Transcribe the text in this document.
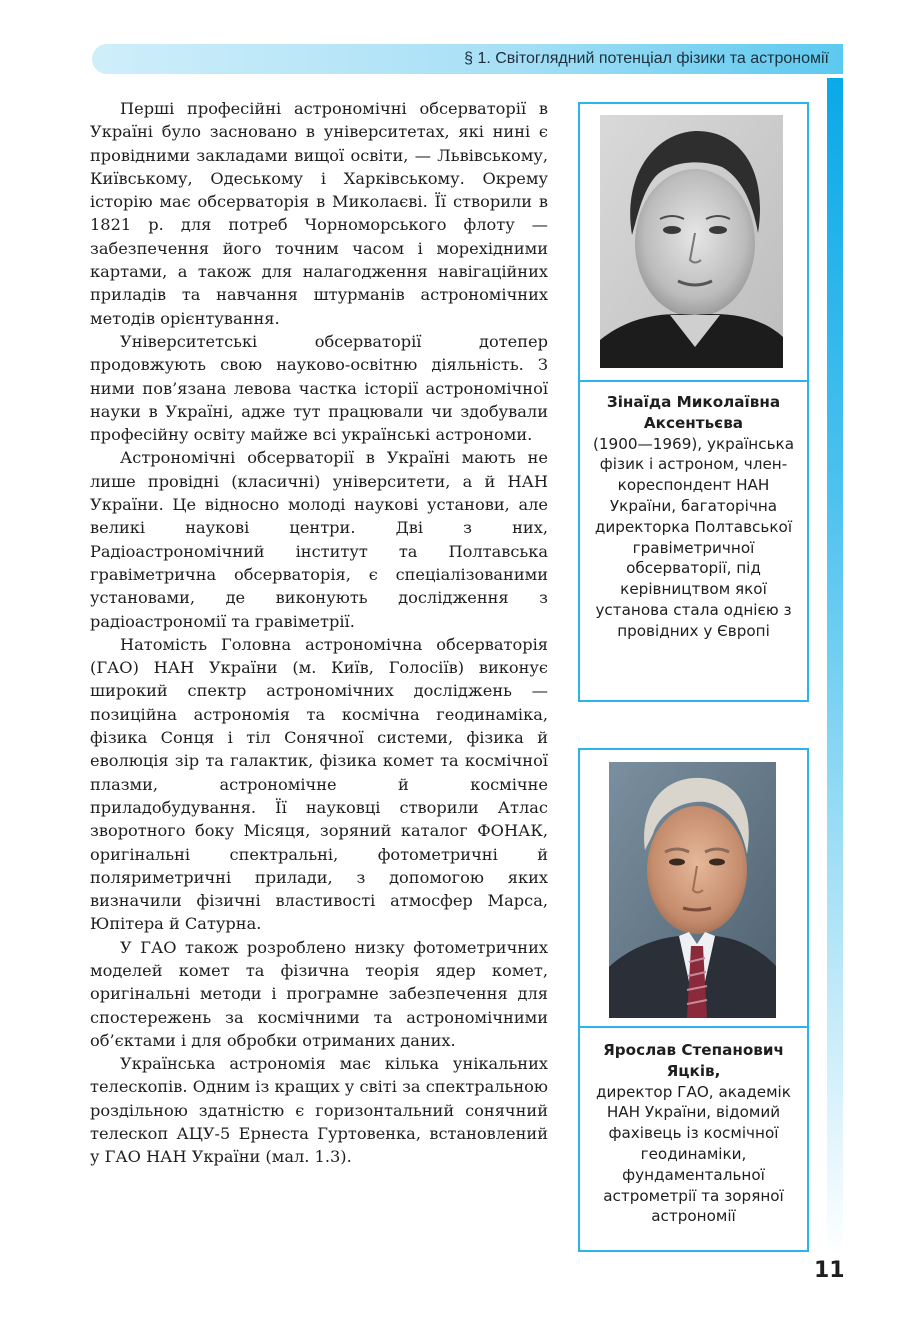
§ 1. Світоглядний потенціал фізики та астрономії

Перші професійні астрономічні обсерваторії в Україні було засновано в університетах, які нині є провідними закладами вищої освіти, — Львівському, Київському, Одеському і Харківському. Окрему історію має обсерваторія в Миколаєві. Її створили в 1821 р. для потреб Чорноморського флоту — забезпечення його точним часом і мореxідними картами, а також для налагодження навігаційних приладів та навчання штурманів астрономічних методів орієнтування.

Університетські обсерваторії дотепер продовжують свою науково-освітню діяльність. З ними пов’язана левова частка історії астрономічної науки в Україні, адже тут працювали чи здобували професійну освіту майже всі українські астрономи.

Астрономічні обсерваторії в Україні мають не лише провідні (класичні) університети, а й НАН України. Це відносно молоді наукові установи, але великі наукові центри. Дві з них, Радіоастрономічний інститут та Полтавська гравіметрична обсерваторія, є спеціалізованими установами, де виконують дослідження з радіоастрономії та гравіметрії.

Натомість Головна астрономічна обсерваторія (ГАО) НАН України (м. Київ, Голосіїв) виконує широкий спектр астрономічних досліджень — позиційна астрономія та космічна геодинаміка, фізика Сонця і тіл Сонячної системи, фізика й еволюція зір та галактик, фізика комет та космічної плазми, астрономічне й космічне приладобудування. Її науковці створили Атлас зворотного боку Місяця, зоряний каталог ФОНАК, оригінальні спектральні, фотометричні й поляриметричні прилади, з допомогою яких визначили фізичні властивості атмосфер Марса, Юпітера й Сатурна.

У ГАО також розроблено низку фотометричних моделей комет та фізична теорія ядер комет, оригінальні методи і програмне забезпечення для спостережень за космічними та астрономічними об’єктами і для обробки отриманих даних.

Українська астрономія має кілька унікальних телескопів. Одним із кращих у світі за спектральною роздільною здатністю є горизонтальний сонячний телескоп АЦУ-5 Ернеста Гуртовенка, встановлений у ГАО НАН України (мал. 1.3).

Зінаїда Миколаївна Аксентьєва
(1900—1969), українська фізик і астроном, член-кореспондент НАН України, багаторічна директорка Полтавської гравіметричної обсерваторії, під керівництвом якої установа стала однією з провідних у Європі
Ярослав Степанович Яцків,
директор ГАО, академік НАН України, відомий фахівець із космічної геодинаміки, фундаментальної астрометрії та зоряної астрономії
11
